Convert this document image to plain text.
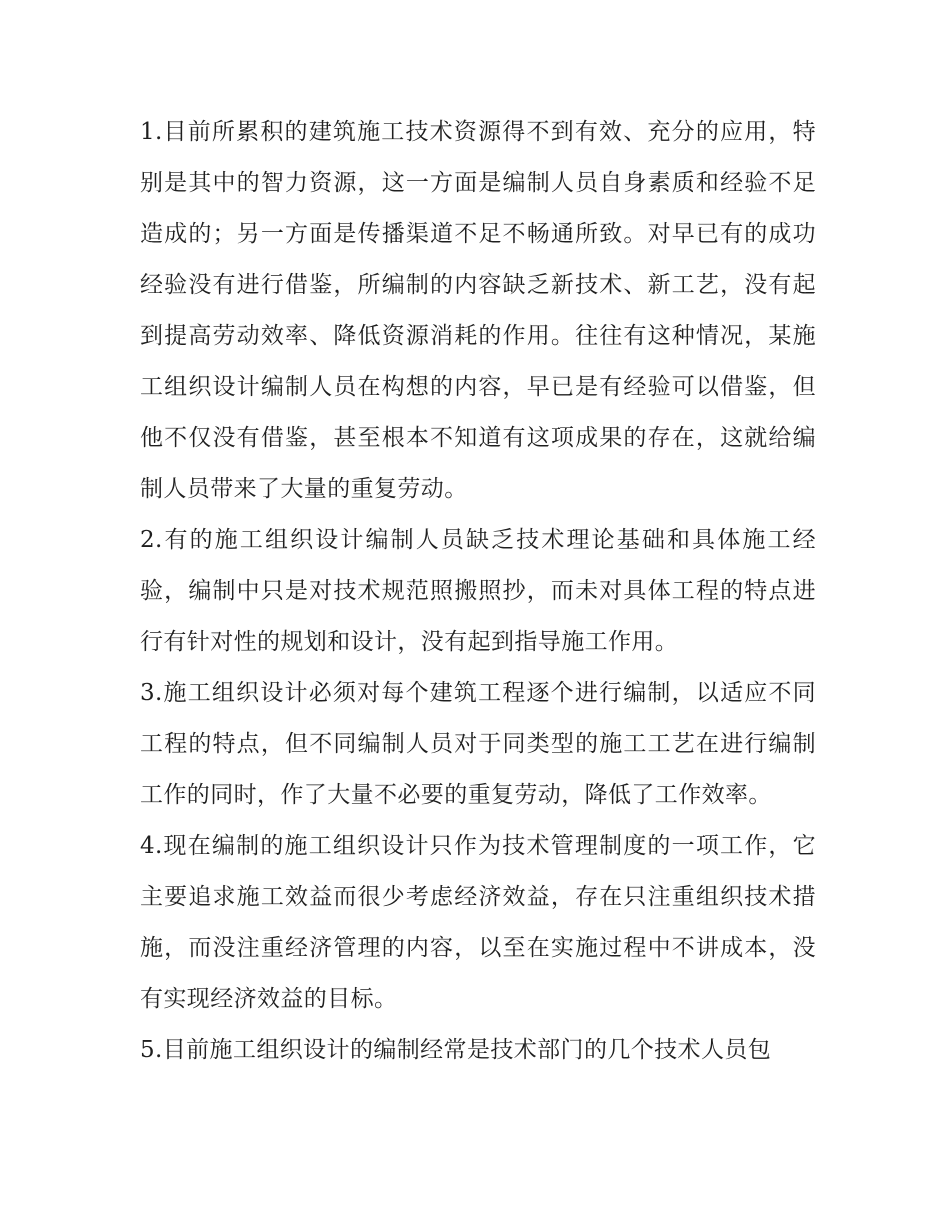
1.目前所累积的建筑施工技术资源得不到有效、充分的应用，特别是其中的智力资源，这一方面是编制人员自身素质和经验不足造成的；另一方面是传播渠道不足不畅通所致。对早已有的成功经验没有进行借鉴，所编制的内容缺乏新技术、新工艺，没有起到提高劳动效率、降低资源消耗的作用。往往有这种情况，某施工组织设计编制人员在构想的内容，早已是有经验可以借鉴，但他不仅没有借鉴，甚至根本不知道有这项成果的存在，这就给编制人员带来了大量的重复劳动。

2.有的施工组织设计编制人员缺乏技术理论基础和具体施工经验，编制中只是对技术规范照搬照抄，而未对具体工程的特点进行有针对性的规划和设计，没有起到指导施工作用。

3.施工组织设计必须对每个建筑工程逐个进行编制，以适应不同工程的特点，但不同编制人员对于同类型的施工工艺在进行编制工作的同时，作了大量不必要的重复劳动，降低了工作效率。

4.现在编制的施工组织设计只作为技术管理制度的一项工作，它主要追求施工效益而很少考虑经济效益，存在只注重组织技术措施，而没注重经济管理的内容，以至在实施过程中不讲成本，没有实现经济效益的目标。

5.目前施工组织设计的编制经常是技术部门的几个技术人员包
